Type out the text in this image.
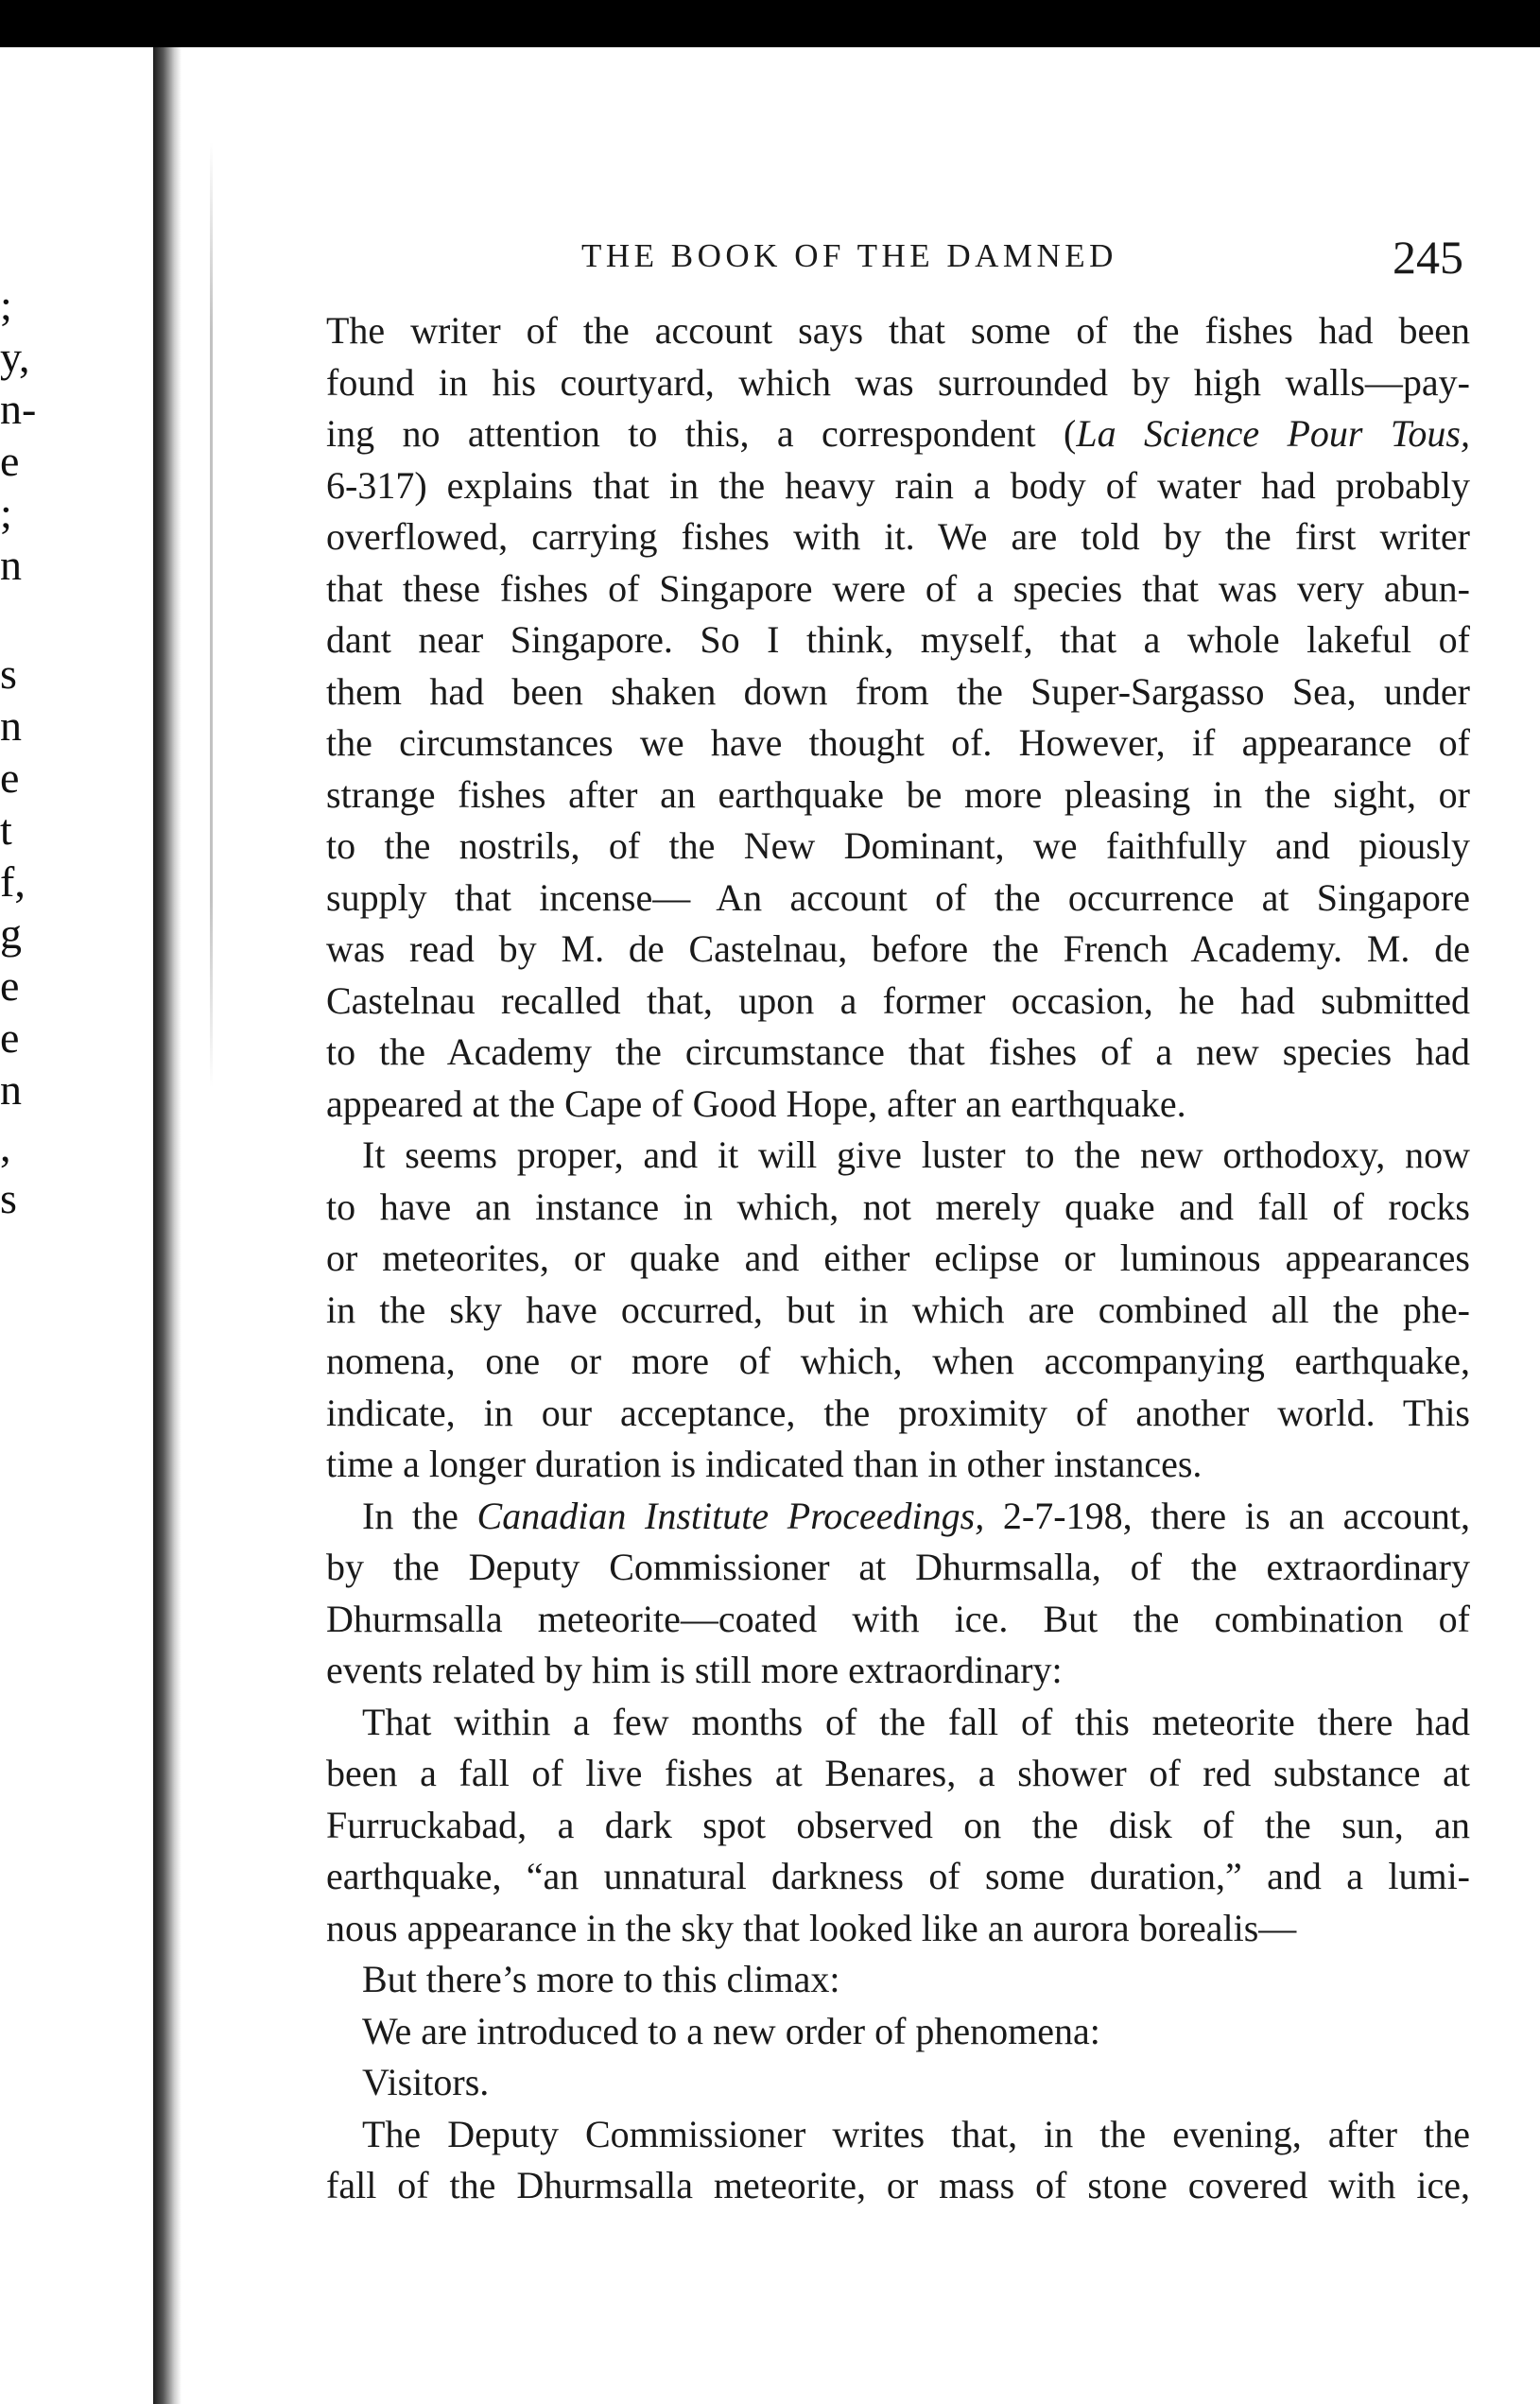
;
y,
n-
e
;
n
s
n
e
t
f,
g
e
e
n
,
s
THE BOOK OF THE DAMNED	245
The writer of the account says that some of the fishes had been
found in his courtyard, which was surrounded by high walls—pay-
ing no attention to this, a correspondent (La Science Pour Tous,
6-317) explains that in the heavy rain a body of water had probably
overflowed, carrying fishes with it. We are told by the first writer
that these fishes of Singapore were of a species that was very abun-
dant near Singapore. So I think, myself, that a whole lakeful of
them had been shaken down from the Super-Sargasso Sea, under
the circumstances we have thought of. However, if appearance of
strange fishes after an earthquake be more pleasing in the sight, or
to the nostrils, of the New Dominant, we faithfully and piously
supply that incense— An account of the occurrence at Singapore
was read by M. de Castelnau, before the French Academy. M. de
Castelnau recalled that, upon a former occasion, he had submitted
to the Academy the circumstance that fishes of a new species had
appeared at the Cape of Good Hope, after an earthquake.
It seems proper, and it will give luster to the new orthodoxy, now
to have an instance in which, not merely quake and fall of rocks
or meteorites, or quake and either eclipse or luminous appearances
in the sky have occurred, but in which are combined all the phe-
nomena, one or more of which, when accompanying earthquake,
indicate, in our acceptance, the proximity of another world. This
time a longer duration is indicated than in other instances.
In the Canadian Institute Proceedings, 2-7-198, there is an account,
by the Deputy Commissioner at Dhurmsalla, of the extraordinary
Dhurmsalla meteorite—coated with ice. But the combination of
events related by him is still more extraordinary:
That within a few months of the fall of this meteorite there had
been a fall of live fishes at Benares, a shower of red substance at
Furruckabad, a dark spot observed on the disk of the sun, an
earthquake, “an unnatural darkness of some duration,” and a lumi-
nous appearance in the sky that looked like an aurora borealis—
But there’s more to this climax:
We are introduced to a new order of phenomena:
Visitors.
The Deputy Commissioner writes that, in the evening, after the
fall of the Dhurmsalla meteorite, or mass of stone covered with ice,
